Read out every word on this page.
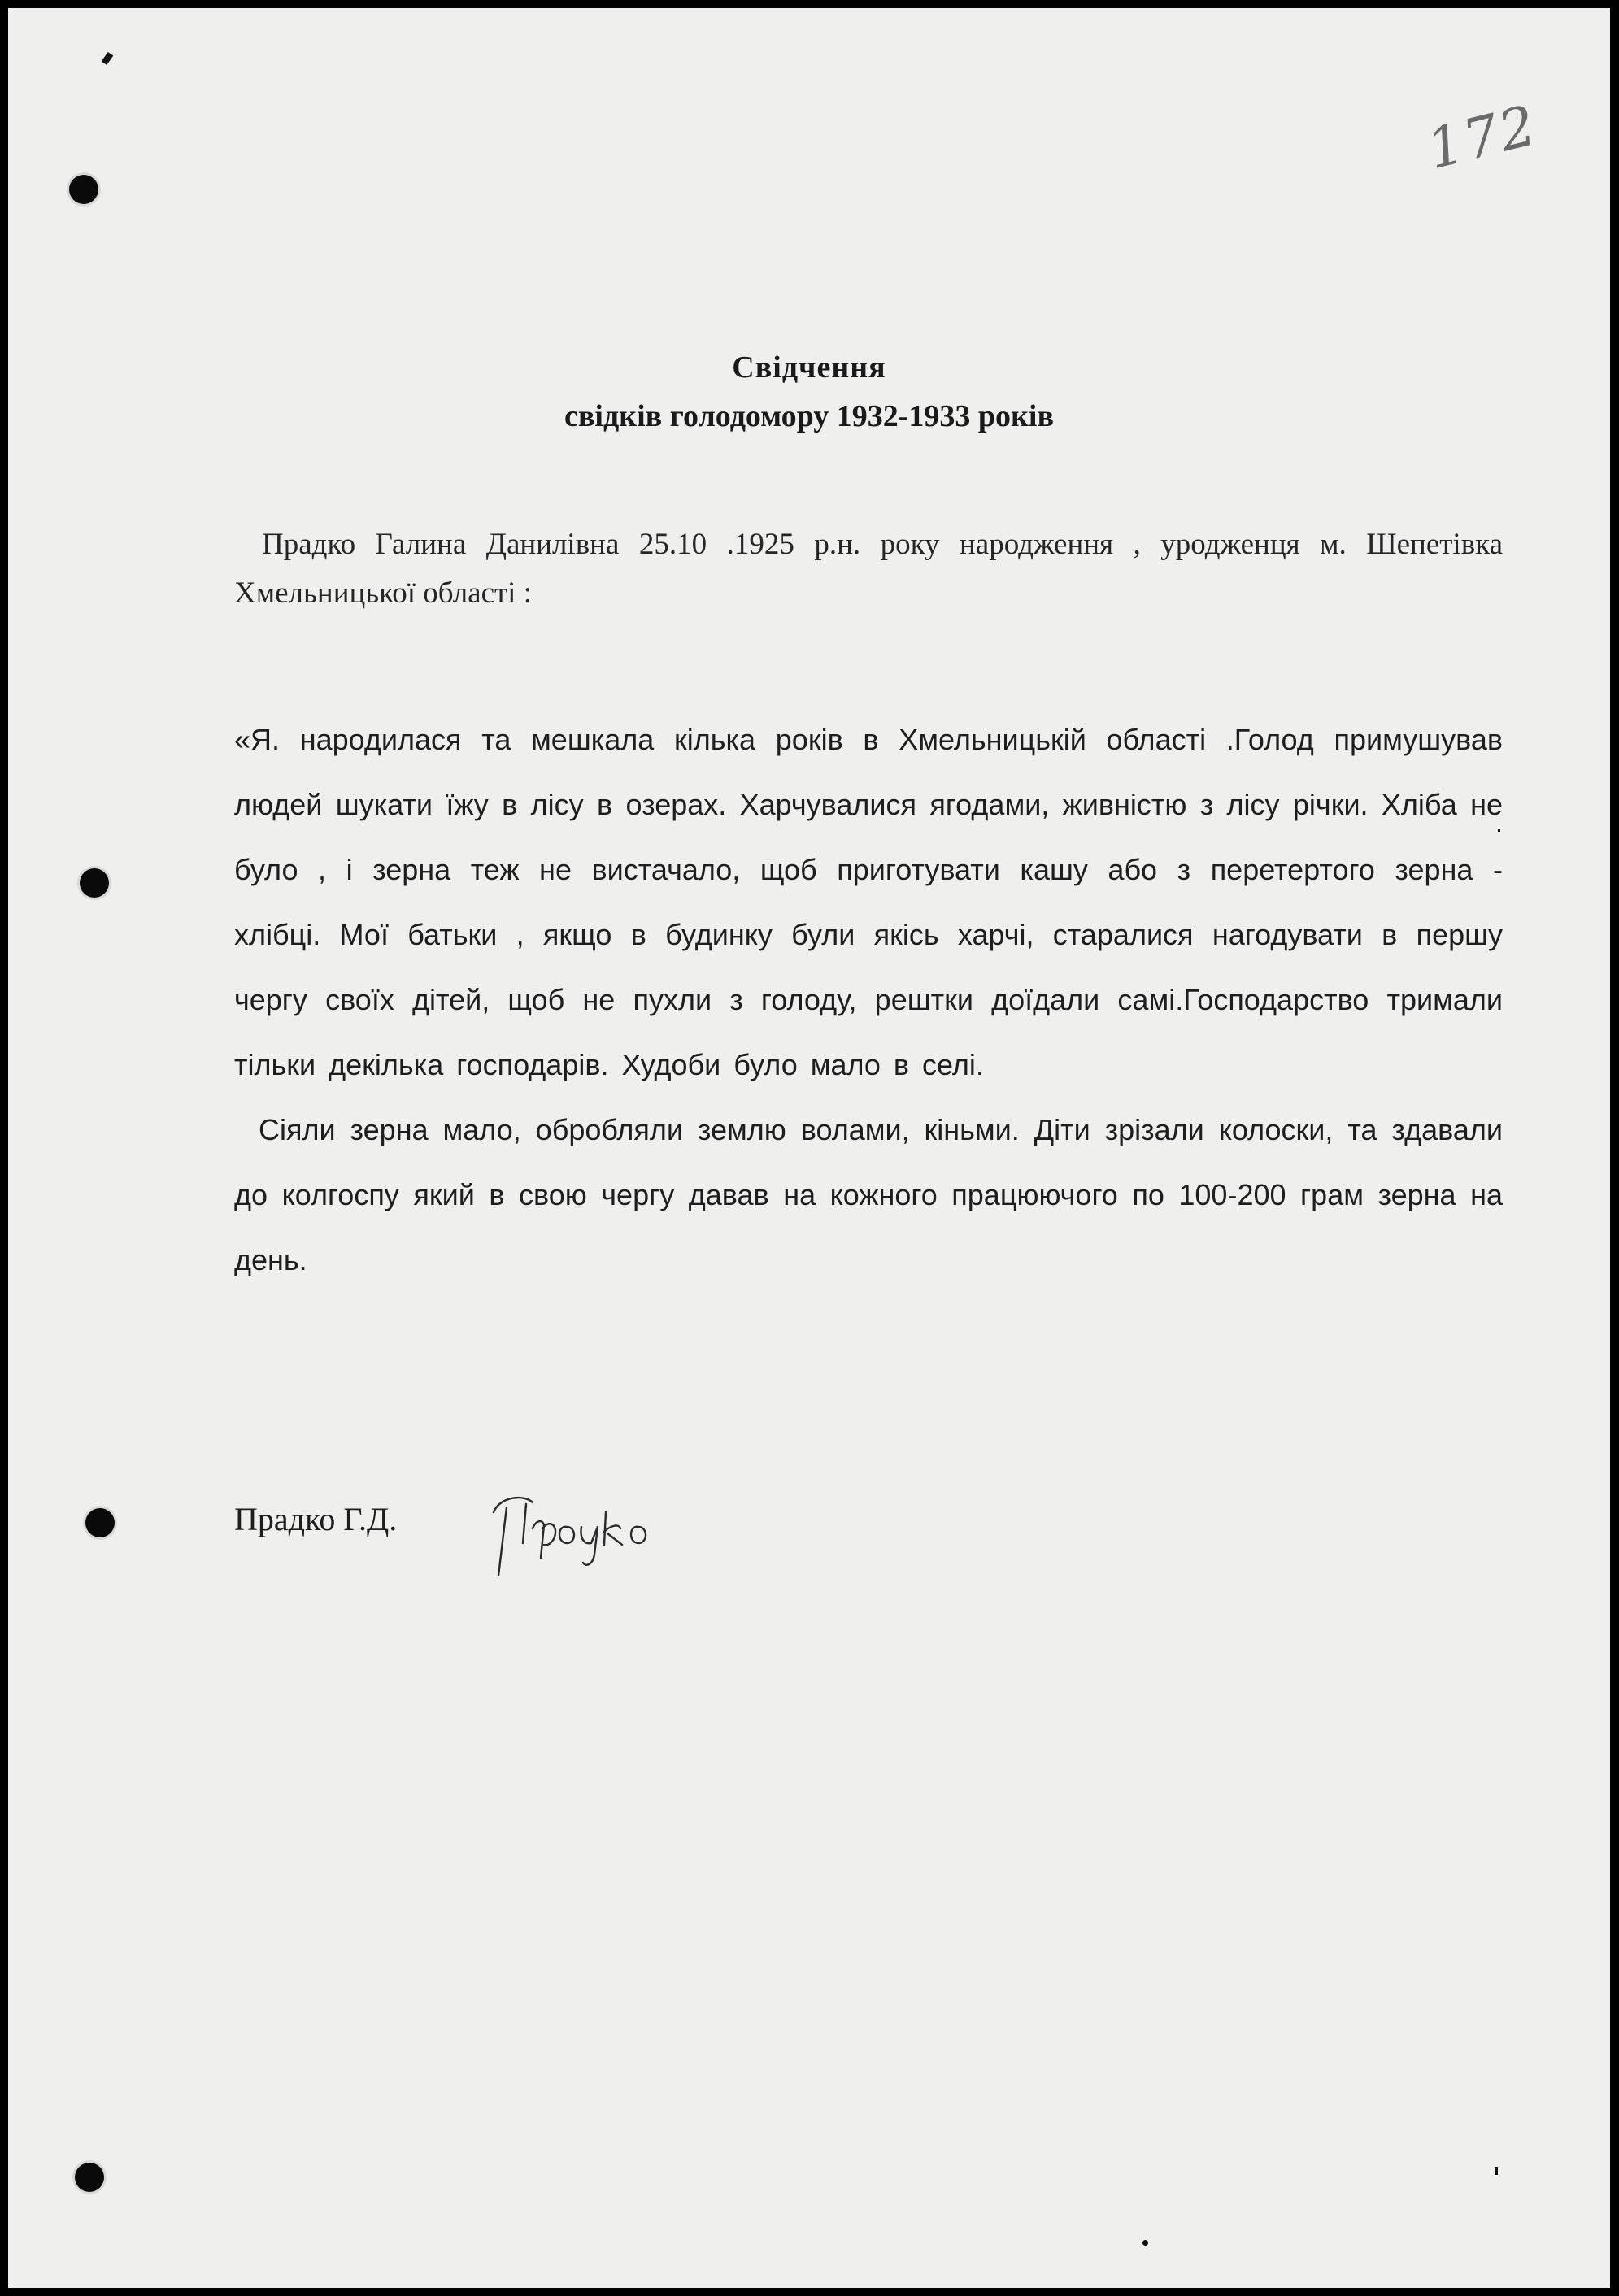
172
Свідчення
свідків голодомору 1932-1933 років
Прадко Галина Данилівна 25.10 .1925 р.н. року народження , уродженця м. Шепетівка Хмельницької області :

«Я. народилася та мешкала кілька років в Хмельницькій області .Голод примушував людей шукати їжу в лісу в озерах. Харчувалися ягодами, живністю з лісу річки. Хліба не було , і зерна теж не вистачало, щоб приготувати кашу або з перетертого зерна - хлібці. Мої батьки , якщо в будинку були якісь харчі, старалися нагодувати в першу чергу своїх дітей, щоб не пухли з голоду, рештки доїдали самі.Господарство тримали тільки декілька господарів. Худоби було мало в селі.

Сіяли зерна мало, обробляли землю волами, кіньми. Діти зрізали колоски, та здавали до колгоспу який в свою чергу давав на кожного працюючого по 100-200 грам зерна на день.

Прадко Г.Д.
